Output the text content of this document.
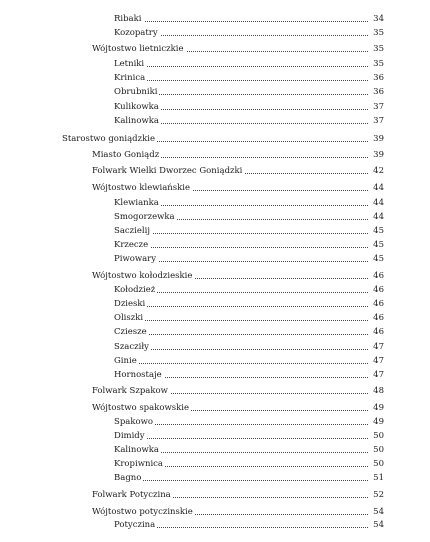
Ribaki	34
Kozopatry	35
Wójtostwo lietniczkie	35
Letniki	35
Krinica	36
Obrubniki	36
Kulikowka	37
Kalinowka	37
Starostwo goniądzkie	39
Miasto Goniądz	39
Folwark Wielki Dworzec Goniądzki	42
Wójtostwo klewiańskie	44
Klewianka	44
Smogorzewka	44
Saczielij	45
Krzecze	45
Piwowary	45
Wójtostwo kołodzieskie	46
Kołodzież	46
Dzieski	46
Oliszki	46
Cziesze	46
Szacziły	47
Ginie	47
Hornostaje	47
Folwark Szpakow	48
Wójtostwo spakowskie	49
Spakowo	49
Dimidy	50
Kalinowka	50
Kropiwnica	50
Bagno	51
Folwark Potyczina	52
Wójtostwo potyczinskie	54
Potyczina	54
